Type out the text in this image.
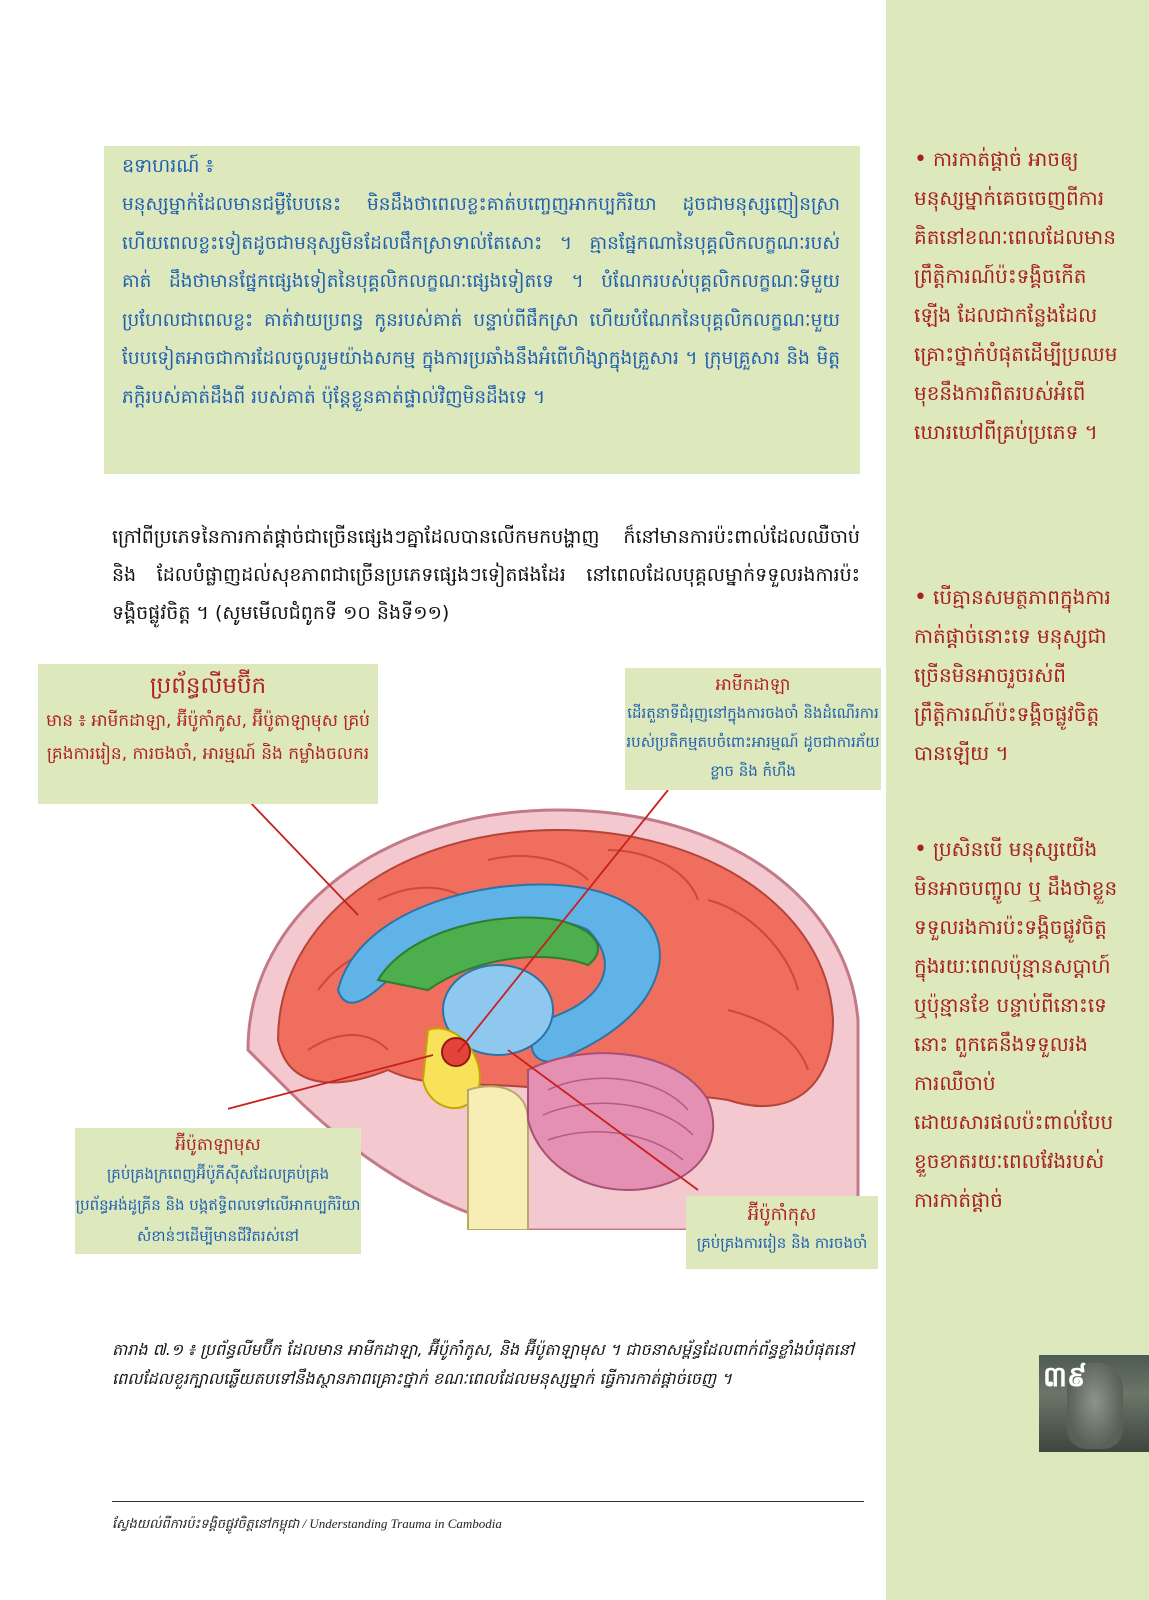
• ការកាត់ផ្តាច់ អាចឲ្យមនុស្សម្នាក់គេចចេញពីការគិតនៅខណៈពេលដែលមានព្រឹត្តិការណ៍ប៉ះទង្គិចកើតឡើង ដែលជាកន្លែងដែលគ្រោះថ្នាក់បំផុតដើម្បីប្រឈមមុខនឹងការពិតរបស់អំពើឃោរឃៅពីគ្រប់ប្រភេទ ។
• បើគ្មានសមត្ថភាពក្នុងការកាត់ផ្តាច់នោះទេ មនុស្សជាច្រើនមិនអាចរួចរស់ពីព្រឹត្តិការណ៍ប៉ះទង្គិចផ្លូវចិត្តបានឡើយ ។
• ប្រសិនបើ មនុស្សយើងមិនអាចបញ្ចូល ឬ ដឹងថាខ្លួនទទួលរងការប៉ះទង្គិចផ្លូវចិត្តក្នុងរយៈពេលប៉ុន្មានសប្តាហ៍ ឬប៉ុន្មានខែ បន្ទាប់ពីនោះទេនោះ ពួកគេនឹងទទួលរងការឈឺចាប់ដោយសារផលប៉ះពាល់បែបខ្ទួចខាតរយៈពេលវែងរបស់ការកាត់ផ្តាច់
៣៩
ឧទាហរណ៍ ៖
មនុស្សម្នាក់ដែលមានជម្ងឺបែបនេះ មិនដឹងថាពេលខ្លះគាត់បញ្ចេញអាកប្បកិរិយា ដូចជាមនុស្សញៀនស្រា ហើយពេលខ្លះទៀតដូចជាមនុស្សមិនដែលផឹកស្រាទាល់តែសោះ ។ គ្មានផ្នែកណានៃបុគ្គលិកលក្ខណៈរបស់គាត់ ដឹងថាមានផ្នែកផ្សេងទៀតនៃបុគ្គលិកលក្ខណៈផ្សេងទៀតទេ ។ បំណែករបស់បុគ្គលិកលក្ខណៈទីមួយ ប្រហែលជាពេលខ្លះ គាត់វាយប្រពន្ធ កូនរបស់គាត់ បន្ទាប់ពីផឹកស្រា ហើយបំណែកនៃបុគ្គលិកលក្ខណៈមួយបែបទៀតអាចជាការដែលចូលរួមយ៉ាងសកម្ម ក្នុងការប្រឆាំងនឹងអំពើហិង្សាក្នុងគ្រួសារ ។ ក្រុមគ្រួសារ និង មិត្តភក្តិរបស់គាត់ដឹងពី របស់គាត់ ប៉ុន្តែខ្លួនគាត់ផ្ទាល់វិញមិនដឹងទេ ។
ក្រៅពីប្រភេទនៃការកាត់ផ្តាច់ជាច្រើនផ្សេងៗគ្នាដែលបានលើកមកបង្ហាញ ក៏នៅមានការប៉ះពាល់ដែលឈឺចាប់ និង ដែលបំផ្លាញដល់សុខភាពជាច្រើនប្រភេទផ្សេងៗទៀតផងដែរ នៅពេលដែលបុគ្គលម្នាក់ទទួលរងការប៉ះទង្គិចផ្លូវចិត្ត ។ (សូមមើលជំពូកទី ១០ និងទី១១)
ប្រព័ន្ធលីមប៊ីក
មាន ៖ អាមីកដាឡា, អ៊ីប៉ូកាំកូស, អ៊ីប៉ូតាឡាមុស គ្រប់គ្រងការរៀន, ការចងចាំ, អារម្មណ៍ និង កម្លាំងចលករ
អាមីកដាឡា
ដើរតួនាទីជំរុញនៅក្នុងការចងចាំ និងដំណើរការរបស់ប្រតិកម្មតបចំពោះអារម្មណ៍ ដូចជាការភ័យខ្លាច និង កំហឹង
អ៊ីប៉ូតាឡាមុស
គ្រប់គ្រងក្រពេញអ៊ីប៉ូភីស៊ីសដែលគ្រប់គ្រងប្រព័ន្ធអង់ដូគ្រីន និង បង្កឥទ្ធិពលទៅលើអាកប្បកិរិយាសំខាន់ៗដើម្បីមានជីវិតរស់នៅ
អ៊ីប៉ូកាំកុស
គ្រប់គ្រងការរៀន និង ការចងចាំ
តារាង ៧.១ ៖ ប្រព័ន្ធលីមប៊ីក ដែលមាន អាមីកដាឡា, អ៊ីប៉ូកាំកូស, និង អ៊ីប៉ូតាឡាមុស ។ ជាចនាសម្ព័ន្ធដែលពាក់ព័ន្ធខ្លាំងបំផុតនៅពេលដែលខួរក្បាលឆ្លើយតបទៅនឹងស្ថានភាពគ្រោះថ្នាក់ ខណៈពេលដែលមនុស្សម្នាក់ ធ្វើការកាត់ផ្តាច់ចេញ ។
ស្វែងយល់ពីការប៉ះទង្គិចផ្លូវចិត្តនៅកម្ពុជា / Understanding Trauma in Cambodia
